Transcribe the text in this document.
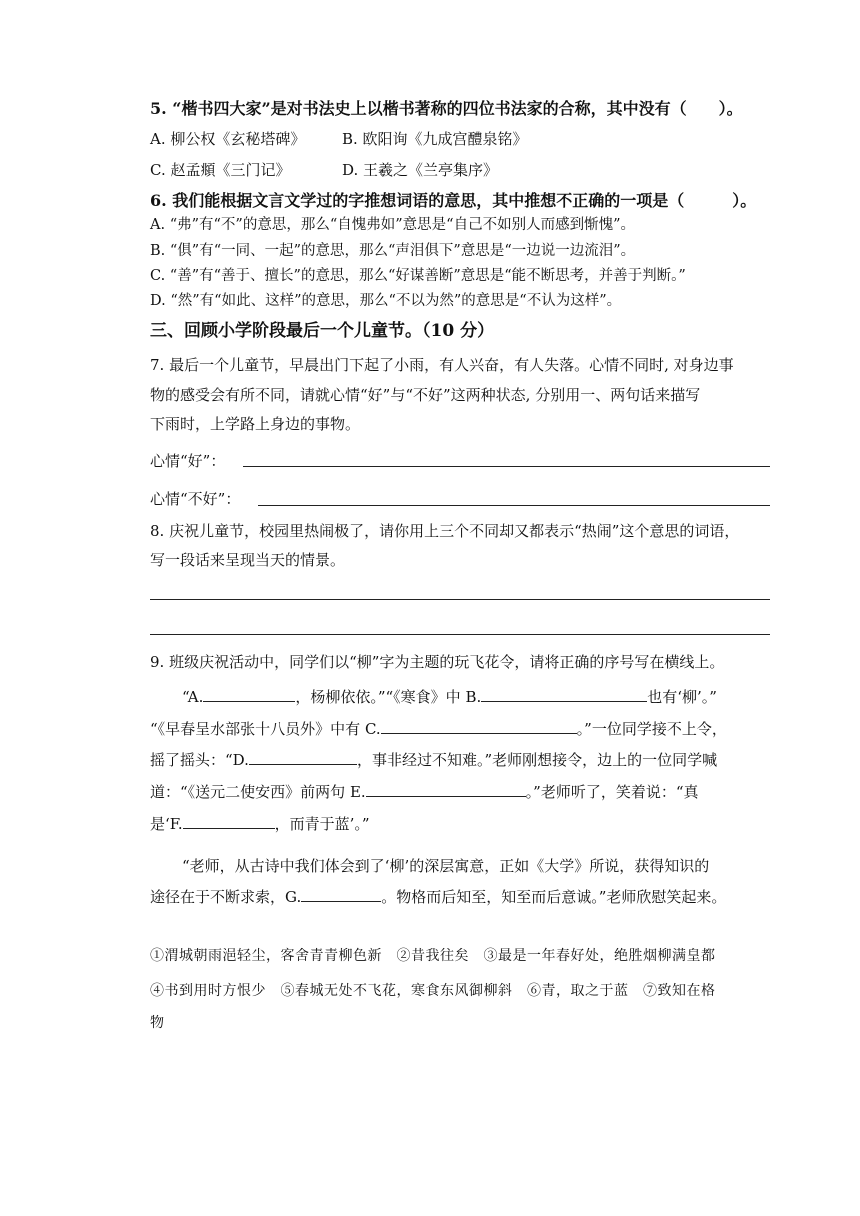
5. “楷书四大家”是对书法史上以楷书著称的四位书法家的合称，其中没有（　　）。
A. 柳公权《玄秘塔碑》 B. 欧阳询《九成宫醴泉铭》
C. 赵孟頫《三门记》	D. 王羲之《兰亭集序》
6. 我们能根据文言文学过的字推想词语的意思，其中推想不正确的一项是（　　　）。
A. “弗”有“不”的意思，那么“自愧弗如”意思是“自己不如别人而感到惭愧”。
B. “俱”有“一同、一起”的意思，那么“声泪俱下”意思是“一边说一边流泪”。
C. “善”有“善于、擅长”的意思，那么“好谋善断”意思是“能不断思考，并善于判断。”
D. “然”有“如此、这样”的意思，那么“不以为然”的意思是“不认为这样”。
三、回顾小学阶段最后一个儿童节。（10 分）
7. 最后一个儿童节，早晨出门下起了小雨，有人兴奋，有人失落。心情不同时, 对身边事
物的感受会有所不同，请就心情“好”与“不好”这两种状态, 分别用一、两句话来描写
下雨时，上学路上身边的事物。
心情“好”：
心情“不好”：
8. 庆祝儿童节，校园里热闹极了，请你用上三个不同却又都表示“热闹”这个意思的词语，
写一段话来呈现当天的情景。
9. 班级庆祝活动中，同学们以“柳”字为主题的玩飞花令，请将正确的序号写在横线上。
“A.	，杨柳依依。”“《寒食》中 B.	也有‘柳’。”
“《早春呈水部张十八员外》中有 C.	。”一位同学接不上令，
摇了摇头：“D.	，事非经过不知难。”老师刚想接令，边上的一位同学喊
道：“《送元二使安西》前两句 E.	。”老师听了，笑着说：“真
是‘F.	，而青于蓝’。”
“老师，从古诗中我们体会到了‘柳’的深层寓意，正如《大学》所说，获得知识的
途径在于不断求索，G.	。物格而后知至，知至而后意诚。”老师欣慰笑起来。
①渭城朝雨浥轻尘，客舍青青柳色新　②昔我往矣　③最是一年春好处，绝胜烟柳满皇都
④书到用时方恨少　⑤春城无处不飞花，寒食东风御柳斜　⑥青，取之于蓝　⑦致知在格
物
